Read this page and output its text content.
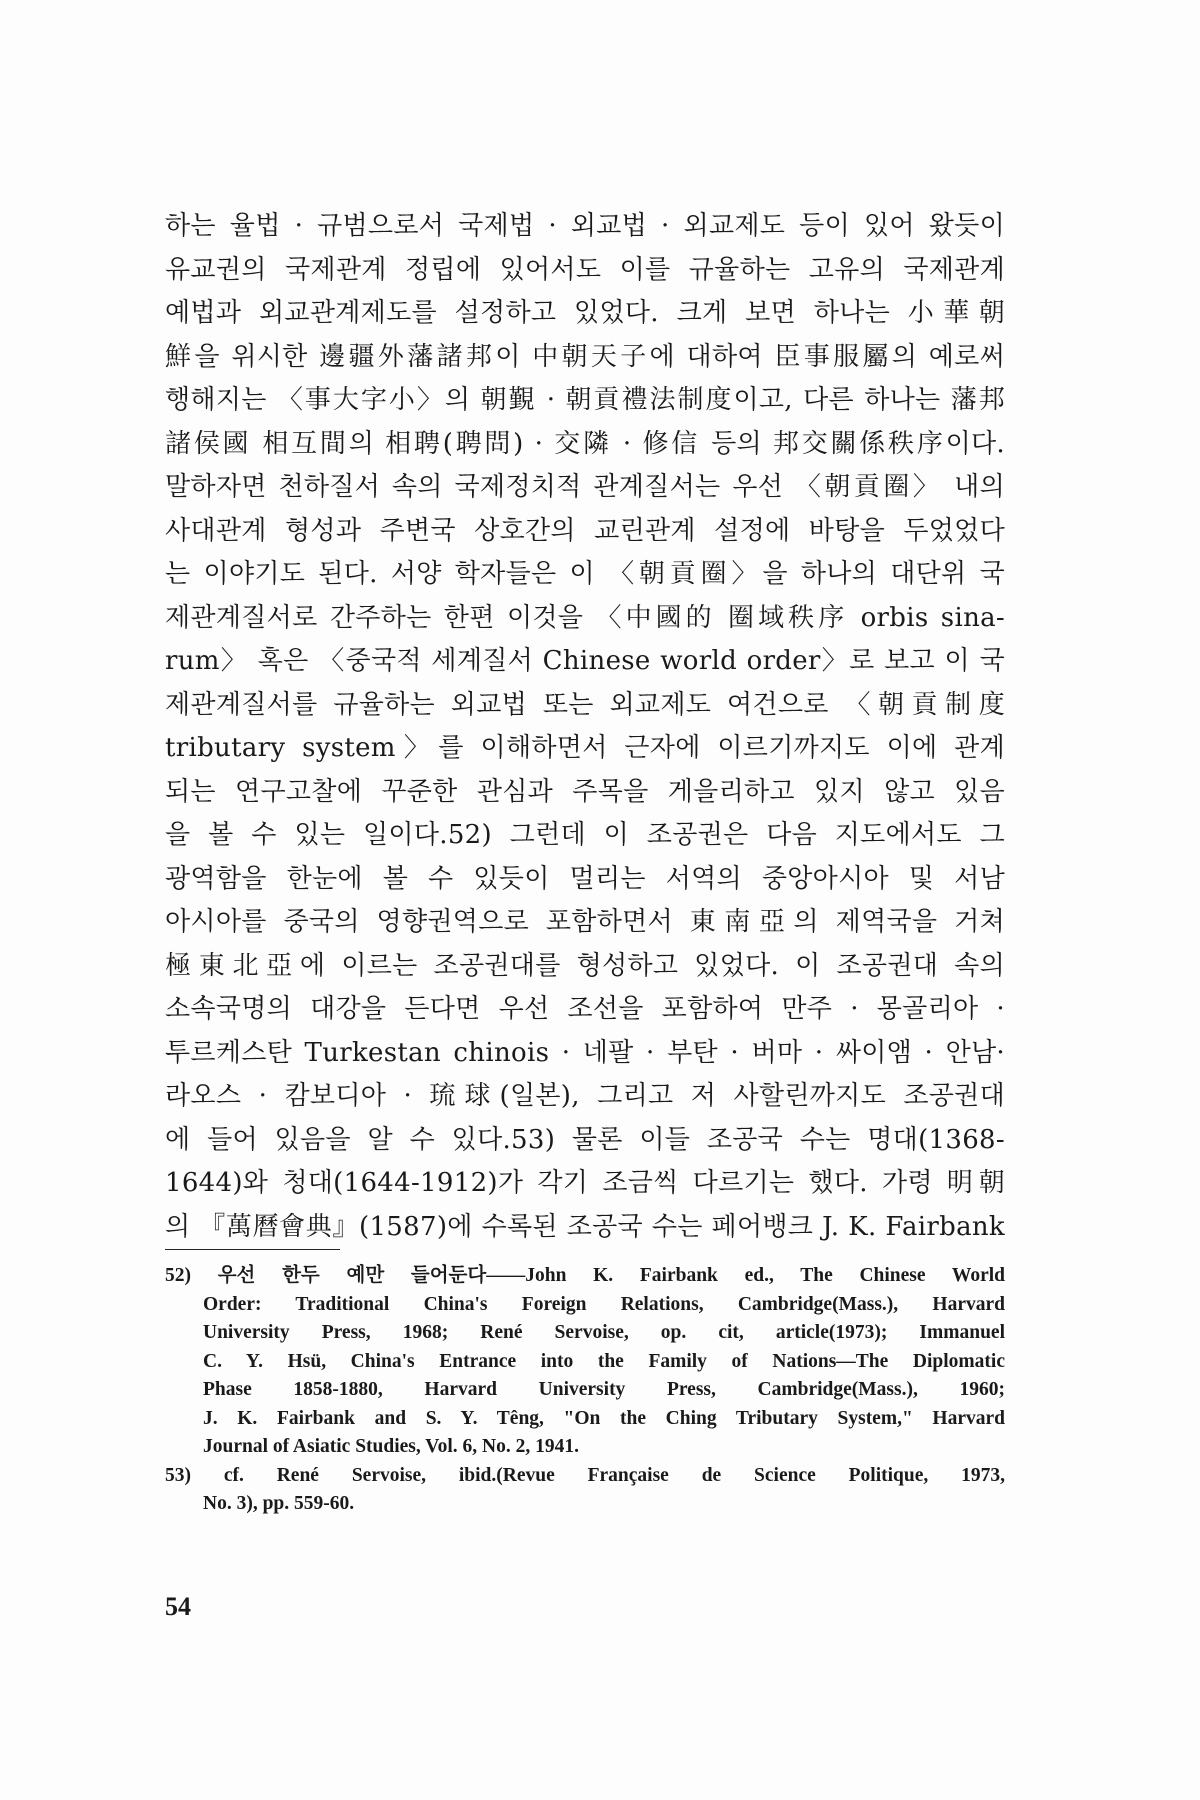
하는 율법 · 규범으로서 국제법 · 외교법 · 외교제도 등이 있어 왔듯이
유교권의 국제관계 정립에 있어서도 이를 규율하는 고유의 국제관계
예법과 외교관계제도를 설정하고 있었다. 크게 보면 하나는 小華朝
鮮을 위시한 邊疆外藩諸邦이 中朝天子에 대하여 臣事服屬의 예로써
행해지는 〈事大字小〉의 朝覲 · 朝貢禮法制度이고, 다른 하나는 藩邦
諸侯國 相互間의 相聘(聘問) · 交隣 · 修信 등의 邦交關係秩序이다.
말하자면 천하질서 속의 국제정치적 관계질서는 우선 〈朝貢圈〉 내의
사대관계 형성과 주변국 상호간의 교린관계 설정에 바탕을 두었었다
는 이야기도 된다. 서양 학자들은 이 〈朝貢圈〉을 하나의 대단위 국
제관계질서로 간주하는 한편 이것을 〈中國的 圈域秩序 orbis sina-
rum〉 혹은 〈중국적 세계질서 Chinese world order〉로 보고 이 국
제관계질서를 규율하는 외교법 또는 외교제도 여건으로 〈朝貢制度
tributary system〉를 이해하면서 근자에 이르기까지도 이에 관계
되는 연구고찰에 꾸준한 관심과 주목을 게을리하고 있지 않고 있음
을 볼 수 있는 일이다.52) 그런데 이 조공권은 다음 지도에서도 그
광역함을 한눈에 볼 수 있듯이 멀리는 서역의 중앙아시아 및 서남
아시아를 중국의 영향권역으로 포함하면서 東南亞의 제역국을 거쳐
極東北亞에 이르는 조공권대를 형성하고 있었다. 이 조공권대 속의
소속국명의 대강을 든다면 우선 조선을 포함하여 만주 · 몽골리아 ·
투르케스탄 Turkestan chinois · 네팔 · 부탄 · 버마 · 싸이앰 · 안남·
라오스 · 캄보디아 · 琉球(일본), 그리고 저 사할린까지도 조공권대
에 들어 있음을 알 수 있다.53) 물론 이들 조공국 수는 명대(1368-
1644)와 청대(1644-1912)가 각기 조금씩 다르기는 했다. 가령 明朝
의 『萬曆會典』(1587)에 수록된 조공국 수는 페어뱅크 J. K. Fairbank
52) 우선 한두 예만 들어둔다——John K. Fairbank ed., The Chinese World
Order: Traditional China's Foreign Relations, Cambridge(Mass.), Harvard
University Press, 1968; René Servoise, op. cit, article(1973); Immanuel
C. Y. Hsü, China's Entrance into the Family of Nations—The Diplomatic
Phase 1858-1880, Harvard University Press, Cambridge(Mass.), 1960;
J. K. Fairbank and S. Y. Têng, "On the Ching Tributary System," Harvard
Journal of Asiatic Studies, Vol. 6, No. 2, 1941.
53) cf. René Servoise, ibid.(Revue Française de Science Politique, 1973,
No. 3), pp. 559-60.
54
